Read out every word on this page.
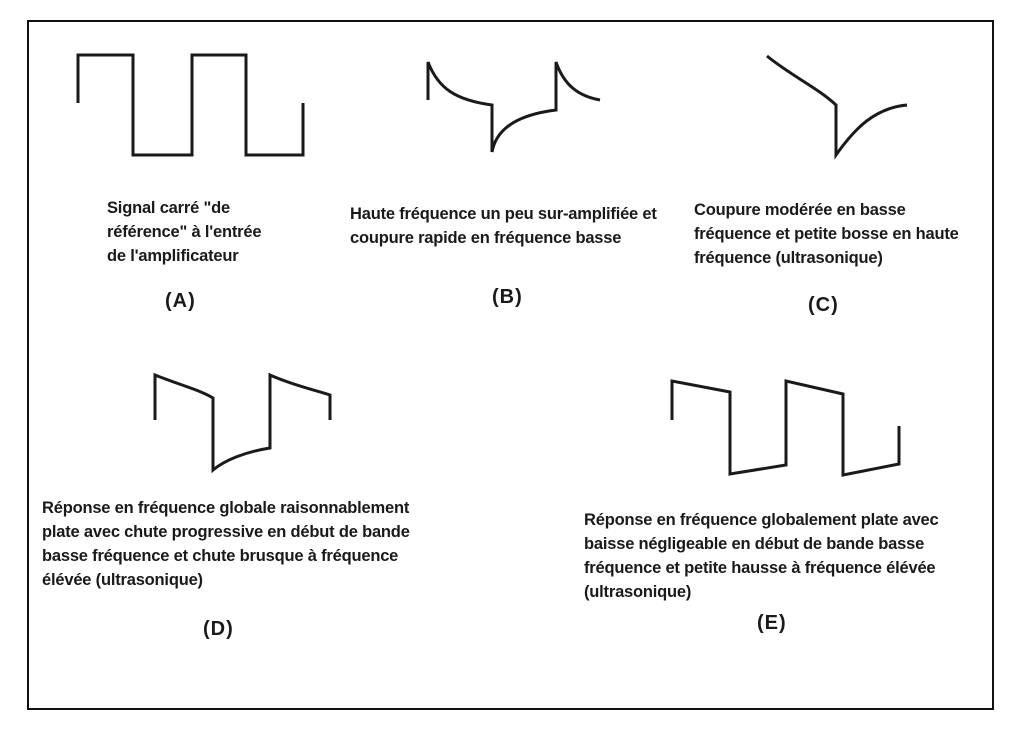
Signal carré "de
référence" à l'entrée
de l'amplificateur
(A)
Haute fréquence un peu sur-amplifiée et
coupure rapide en fréquence basse
(B)
Coupure modérée en basse
fréquence et petite bosse en haute
fréquence (ultrasonique)
(C)
Réponse en fréquence globale raisonnablement
plate avec chute progressive en début de bande
basse fréquence et chute brusque à fréquence
élévée (ultrasonique)
(D)
Réponse en fréquence globalement plate avec
baisse négligeable en début de bande basse
fréquence et petite hausse à fréquence élévée
(ultrasonique)
(E)
